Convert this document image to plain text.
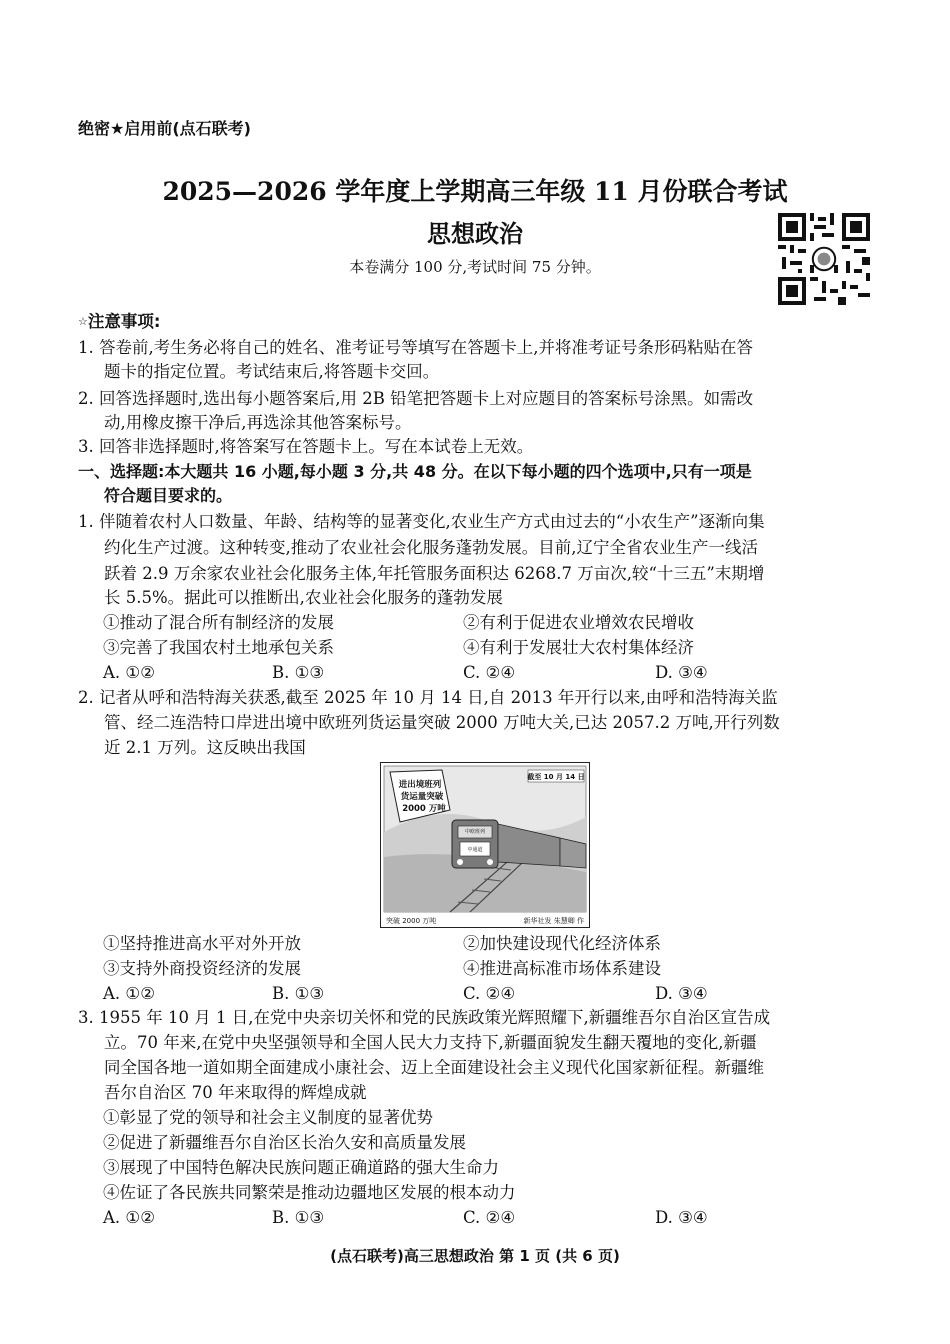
绝密★启用前(点石联考)
2025—2026 学年度上学期高三年级 11 月份联合考试
思想政治
本卷满分 100 分,考试时间 75 分钟。
☆注意事项:
1. 答卷前,考生务必将自己的姓名、准考证号等填写在答题卡上,并将准考证号条形码粘贴在答
题卡的指定位置。考试结束后,将答题卡交回。
2. 回答选择题时,选出每小题答案后,用 2B 铅笔把答题卡上对应题目的答案标号涂黑。如需改
动,用橡皮擦干净后,再选涂其他答案标号。
3. 回答非选择题时,将答案写在答题卡上。写在本试卷上无效。
一、选择题:本大题共 16 小题,每小题 3 分,共 48 分。在以下每小题的四个选项中,只有一项是
符合题目要求的。
1. 伴随着农村人口数量、年龄、结构等的显著变化,农业生产方式由过去的“小农生产”逐渐向集
约化生产过渡。这种转变,推动了农业社会化服务蓬勃发展。目前,辽宁全省农业生产一线活
跃着 2.9 万余家农业社会化服务主体,年托管服务面积达 6268.7 万亩次,较“十三五”末期增
长 5.5%。据此可以推断出,农业社会化服务的蓬勃发展
①推动了混合所有制经济的发展	②有利于促进农业增效农民增收
③完善了我国农村土地承包关系	④有利于发展壮大农村集体经济
A. ①②	B. ①③	C. ②④	D. ③④
2. 记者从呼和浩特海关获悉,截至 2025 年 10 月 14 日,自 2013 年开行以来,由呼和浩特海关监
管、经二连浩特口岸进出境中欧班列货运量突破 2000 万吨大关,已达 2057.2 万吨,开行列数
近 2.1 万列。这反映出我国
进出境班列
货运量突破
2000 万吨
截至 10 月 14 日
中欧班列
中通道
突破 2000 万吨	新华社发 朱慧卿 作
①坚持推进高水平对外开放	②加快建设现代化经济体系
③支持外商投资经济的发展	④推进高标准市场体系建设
A. ①②	B. ①③	C. ②④	D. ③④
3. 1955 年 10 月 1 日,在党中央亲切关怀和党的民族政策光辉照耀下,新疆维吾尔自治区宣告成
立。70 年来,在党中央坚强领导和全国人民大力支持下,新疆面貌发生翻天覆地的变化,新疆
同全国各地一道如期全面建成小康社会、迈上全面建设社会主义现代化国家新征程。新疆维
吾尔自治区 70 年来取得的辉煌成就
①彰显了党的领导和社会主义制度的显著优势
②促进了新疆维吾尔自治区长治久安和高质量发展
③展现了中国特色解决民族问题正确道路的强大生命力
④佐证了各民族共同繁荣是推动边疆地区发展的根本动力
A. ①②	B. ①③	C. ②④	D. ③④
(点石联考)高三思想政治 第 1 页 (共 6 页)
